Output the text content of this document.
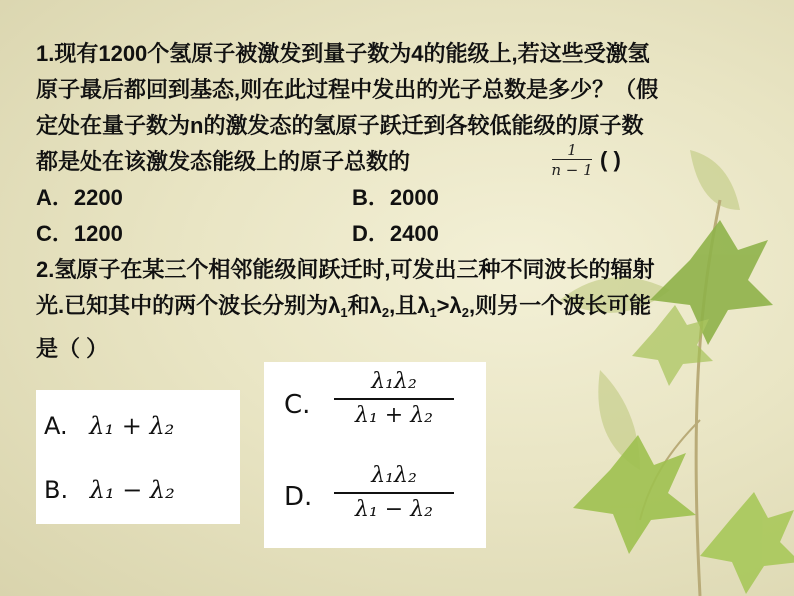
1.现有1200个氢原子被激发到量子数为4的能级上,若这些受激氢
原子最后都回到基态,则在此过程中发出的光子总数是多少？（假
定处在量子数为n的激发态的氢原子跃迁到各较低能级的原子数
都是处在该激发态能级上的原子总数的	1
n − 1 ( )
A．2200	B．2000
C．1200	D．2400
2.氢原子在某三个相邻能级间跃迁时,可发出三种不同波长的辐射
光.已知其中的两个波长分别为$\lambda_1$和$\lambda_2$,且$\lambda_1>\lambda_2$,则另一个波长可能
是（ ）
A. λ₁ + λ₂
B. λ₁ − λ₂
C.
λ₁λ₂
λ₁ + λ₂
D.
λ₁λ₂
λ₁ − λ₂
